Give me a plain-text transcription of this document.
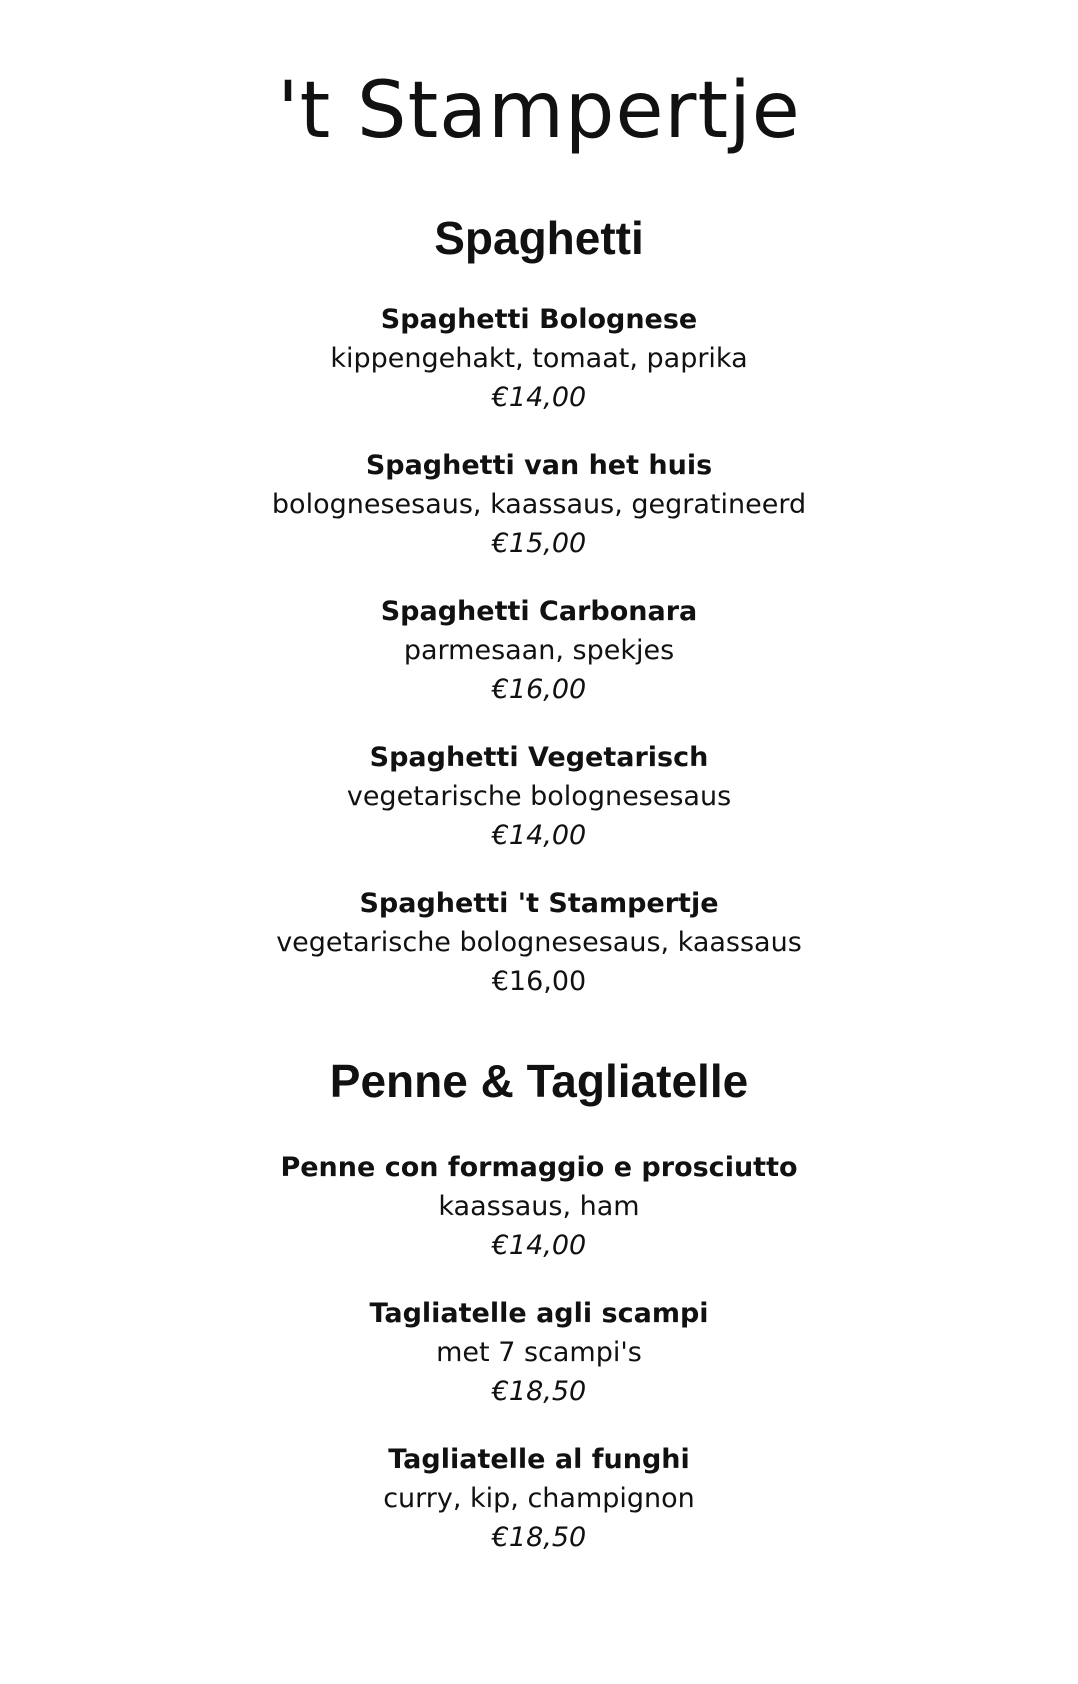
't Stampertje
Spaghetti
Spaghetti Bolognese
kippengehakt, tomaat, paprika
€14,00
Spaghetti van het huis
bolognesesaus, kaassaus, gegratineerd
€15,00
Spaghetti Carbonara
parmesaan, spekjes
€16,00
Spaghetti Vegetarisch
vegetarische bolognesesaus
€14,00
Spaghetti 't Stampertje
vegetarische bolognesesaus, kaassaus
€16,00
Penne & Tagliatelle
Penne con formaggio e prosciutto
kaassaus, ham
€14,00
Tagliatelle agli scampi
met 7 scampi's
€18,50
Tagliatelle al funghi
curry, kip, champignon
€18,50
